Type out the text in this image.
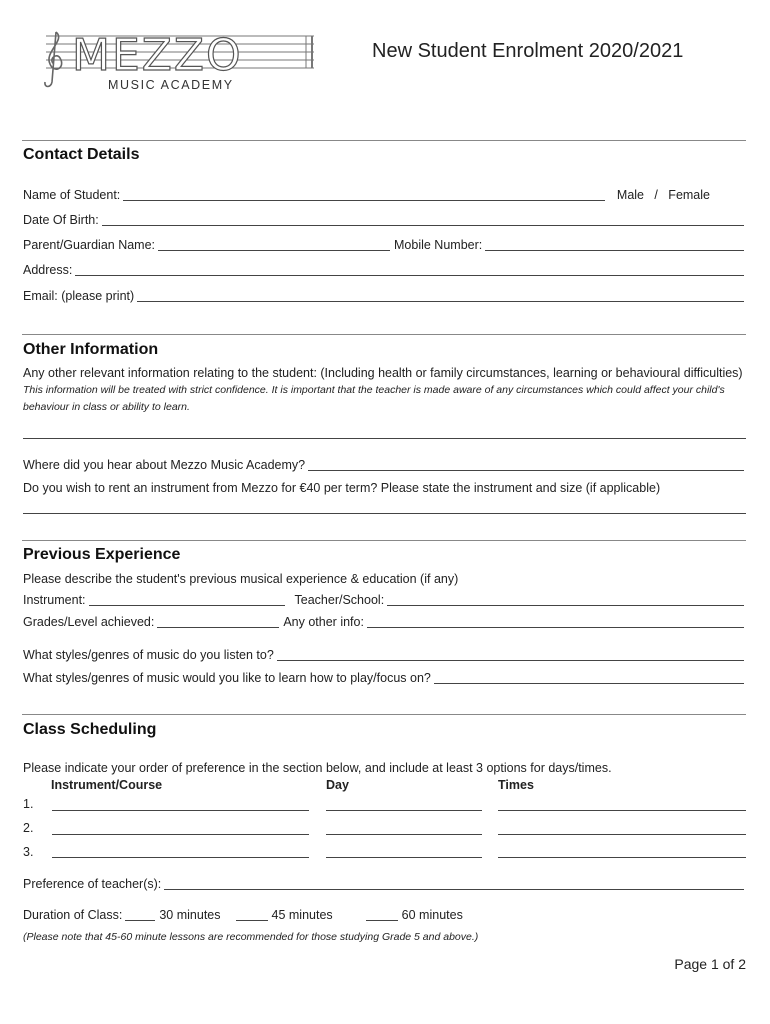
MEZZO
MUSIC ACADEMY
New Student Enrolment 2020/2021
Contact Details
Name of Student:	Male   /   Female
Date Of Birth:
Parent/Guardian Name:	Mobile Number:
Address:
Email: (please print)
Other Information
Any other relevant information relating to the student: (Including health or family circumstances, learning or behavioural difficulties) This information will be treated with strict confidence. It is important that the teacher is made aware of any circumstances which could affect your child's behaviour in class or ability to learn.
Where did you hear about Mezzo Music Academy?
Do you wish to rent an instrument from Mezzo for €40 per term? Please state the instrument and size (if applicable)
Previous Experience
Please describe the student's previous musical experience & education (if any)
Instrument:	Teacher/School:
Grades/Level achieved:	Any other info:
What styles/genres of music do you listen to?
What styles/genres of music would you like to learn how to play/focus on?
Class Scheduling
Please indicate your order of preference in the section below, and include at least 3 options for days/times.
Instrument/Course	Day	Times
1.
2.
3.
Preference of teacher(s):
Duration of Class:	30 minutes	45 minutes	60 minutes
(Please note that 45-60 minute lessons are recommended for those studying Grade 5 and above.)
Page 1 of 2
